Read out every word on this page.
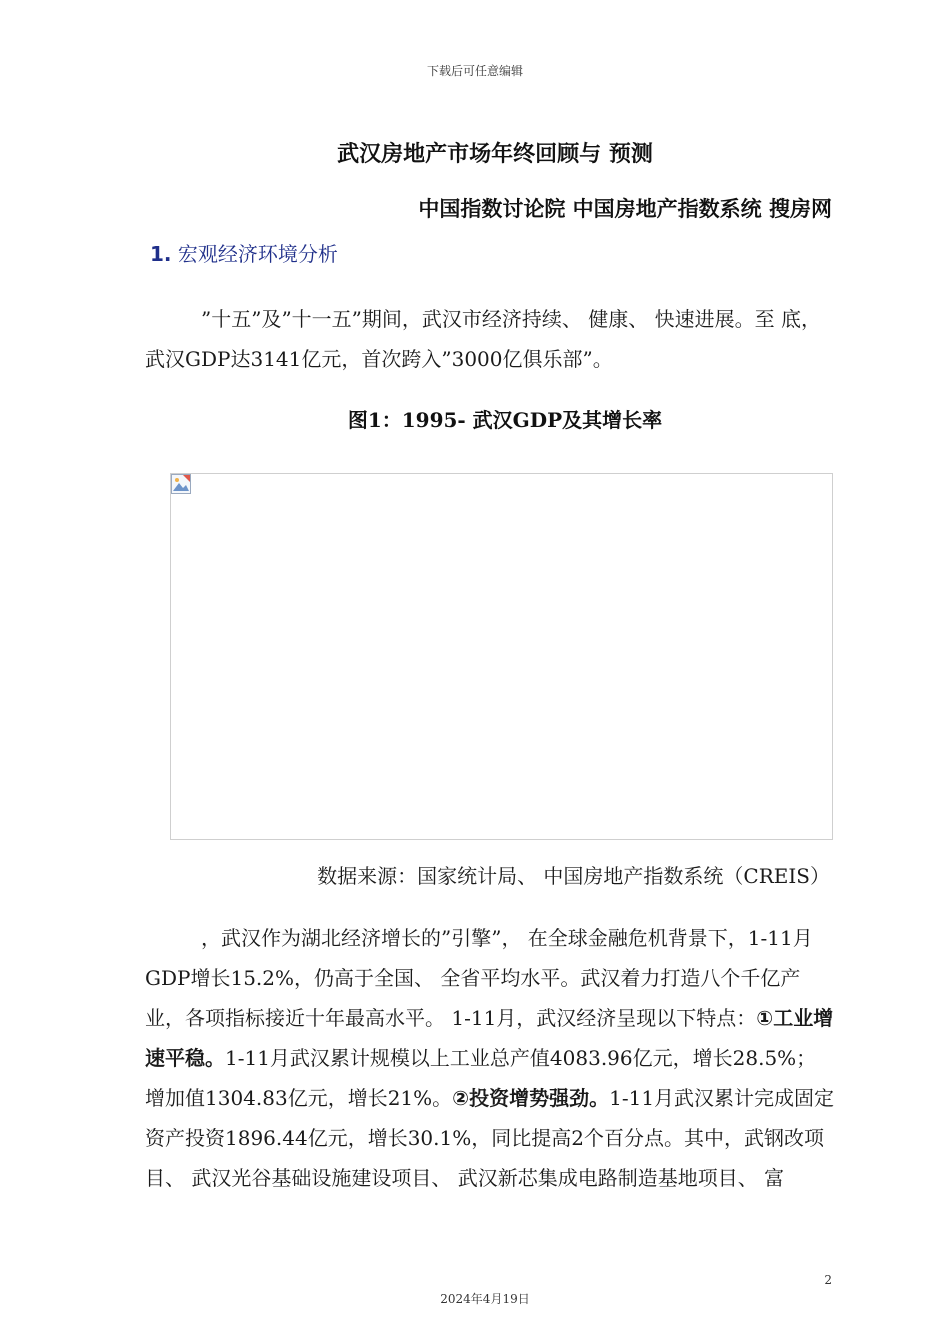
下载后可任意编辑
武汉房地产市场年终回顾与 预测
中国指数讨论院 中国房地产指数系统 搜房网
1. 宏观经济环境分析
”十五”及”十一五”期间，武汉市经济持续、 健康、 快速进展。至 底，武汉GDP达3141亿元，首次跨入”3000亿俱乐部”。
图1：1995- 武汉GDP及其增长率
数据来源：国家统计局、 中国房地产指数系统（CREIS）
，武汉作为湖北经济增长的”引擎”， 在全球金融危机背景下，1-11月GDP增长15.2%，仍高于全国、 全省平均水平。武汉着力打造八个千亿产业，各项指标接近十年最高水平。 1-11月，武汉经济呈现以下特点：①工业增速平稳。1-11月武汉累计规模以上工业总产值4083.96亿元，增长28.5%；增加值1304.83亿元，增长21%。②投资增势强劲。1-11月武汉累计完成固定资产投资1896.44亿元，增长30.1%，同比提高2个百分点。其中，武钢改项目、 武汉光谷基础设施建设项目、 武汉新芯集成电路制造基地项目、 富
2
2024年4月19日
